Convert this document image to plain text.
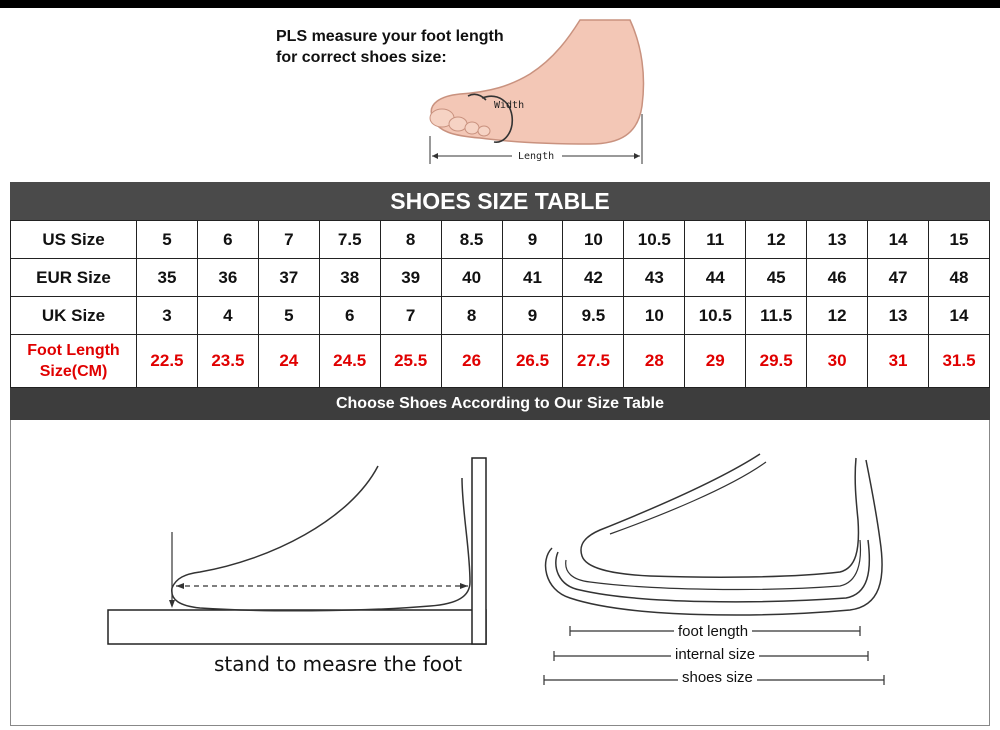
PLS measure your foot length
for correct shoes size:
Width
Length
SHOES SIZE TABLE
US Size	5	6	7	7.5	8	8.5	9	10	10.5	11	12	13	14	15
EUR Size	35	36	37	38	39	40	41	42	43	44	45	46	47	48
UK Size	3	4	5	6	7	8	9	9.5	10	10.5	11.5	12	13	14

Foot Length
Size(CM)	22.5	23.5	24	24.5	25.5	26	26.5	27.5	28	29	29.5	30	31	31.5
Choose Shoes According to Our Size Table
stand to measre the foot
foot length
internal size
shoes size
